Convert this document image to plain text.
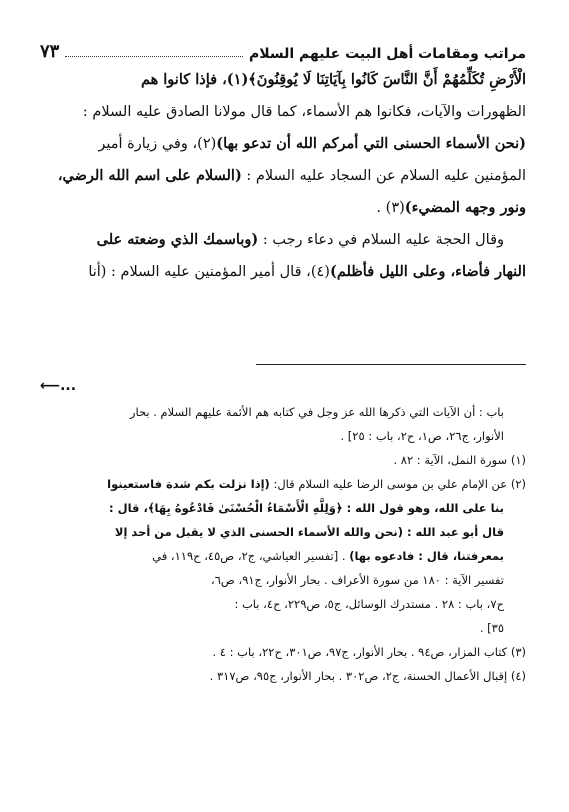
مراتب ومقامات أهل البيت عليهم السلام
٧٣

الْأَرْضِ تُكَلِّمُهُمْ أَنَّ النَّاسَ كَانُوا بِآيَاتِنَا لَا يُوقِنُونَ﴾(١)، فإذا كانوا هم
الظهورات والآيات، فكانوا هم الأسماء، كما قال مولانا الصادق عليه السلام :
(نحن الأسماء الحسنى التي أمركم الله أن تدعو بها)(٢)، وفي زيارة أمير
المؤمنين عليه السلام عن السجاد عليه السلام : (السلام على اسم الله الرضي،
ونور وجهه المضيء)(٣) .

وقال الحجة عليه السلام في دعاء رجب : (وباسمك الذي وضعته على
النهار فأضاء، وعلى الليل فأظلم)(٤)، قال أمير المؤمنين عليه السلام : (أنا

⟵...

باب : أن الآيات التي ذكرها الله عز وجل في كتابه هم الأئمة عليهم السلام . بحار
الأنوار، ج٢٦، ص١، ح٢، باب : ٢٥] .

(١) سورة النمل، الآية : ٨٢ .

(٢) عن الإمام علي بن موسى الرضا عليه السلام قال: (إذا نزلت بكم شدة فاستعينوا
بنا على الله، وهو قول الله : ﴿وَلِلَّهِ الْأَسْمَاءُ الْحُسْنَىٰ فَادْعُوهُ بِهَا﴾، قال :
قال أبو عبد الله : (نحن والله الأسماء الحسنى الذي لا يقبل من أحد إلا
بمعرفتنا، قال : فادعوه بها) . [تفسير العياشي، ج٢، ص٤٥، ح١١٩، في
تفسير الآية : ١٨٠ من سورة الأعراف . بحار الأنوار، ج٩١، ص٦،
ح٧، باب : ٢٨ . مستدرك الوسائل، ج٥، ص٢٢٩، ح٤، باب :
٣٥] .

(٣) كتاب المزار، ص٩٤ . بحار الأنوار، ج٩٧، ص٣٠١، ح٢٢، باب : ٤ .

(٤) إقبال الأعمال الحسنة، ج٢، ص٣٠٢ . بحار الأنوار، ج٩٥، ص٣١٧ .
